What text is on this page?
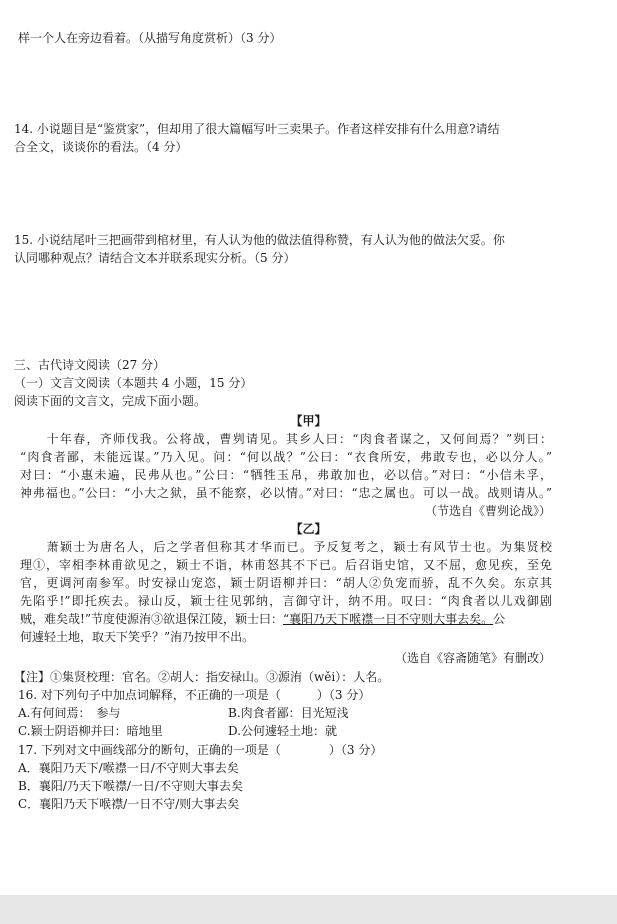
样一个人在旁边看着。（从描写角度赏析）（3 分）
14. 小说题目是“鉴赏家”，但却用了很大篇幅写叶三卖果子。作者这样安排有什么用意?请结
合全文，谈谈你的看法。（4 分）
15. 小说结尾叶三把画带到棺材里，有人认为他的做法值得称赞，有人认为他的做法欠妥。你
认同哪种观点？请结合文本并联系现实分析。（5 分）
三、古代诗文阅读（27 分）
（一）文言文阅读（本题共 4 小题，15 分）
阅读下面的文言文，完成下面小题。
【甲】
　　十年春，齐师伐我。公将战，曹刿请见。其乡人曰：“肉食者谋之，又何间焉？”刿曰：
“肉食者鄙，未能远谋。”乃入见。问：“何以战？”公曰：“衣食所安，弗敢专也，必以分人。”
对曰：“小惠未遍，民弗从也。”公曰：“牺牲玉帛，弗敢加也，必以信。”对曰：“小信未孚，
神弗福也。”公曰：“小大之狱，虽不能察，必以情。”对曰：“忠之属也。可以一战。战则请从。”
（节选自《曹刿论战》）
【乙】
　　萧颖士为唐名人，后之学者但称其才华而已。予反复考之，颖士有风节士也。为集贤校
理①，宰相李林甫欲见之，颖士不诣，林甫怒其不下已。后召诣史馆，又不屈，愈见疾，至免
官，更调河南参军。时安禄山宠恣，颖士阴语柳并曰：“胡人②负宠而骄，乱不久矣。东京其
先陷乎!”即托疾去。禄山反，颖士往见郭纳，言御守计，纳不用。叹曰：“肉食者以儿戏御剧
贼，难矣哉!”节度使源洧③欲退保江陵，颖士曰：“襄阳乃天下喉襟一日不守则大事去矣。公
何遽轻土地，取天下笑乎？”洧乃按甲不出。
（选自《容斋随笔》有删改）
【注】①集贤校理：官名。②胡人：指安禄山。③源洧（wěi）：人名。
16. 对下列句子中加点词解释，不正确的一项是（　　　）（3 分）
A.有何间焉：　参与	B.肉食者鄙：目光短浅
C.颖士阴语柳并曰：暗地里	D.公何遽轻土地：就
17. 下列对文中画线部分的断句，正确的一项是（　　　　）（3 分）
A．襄阳乃天下/喉襟一日/不守则大事去矣
B．襄阳/乃天下喉襟/一日/不守则大事去矣
C．襄阳乃天下喉襟/一日不守/则大事去矣
